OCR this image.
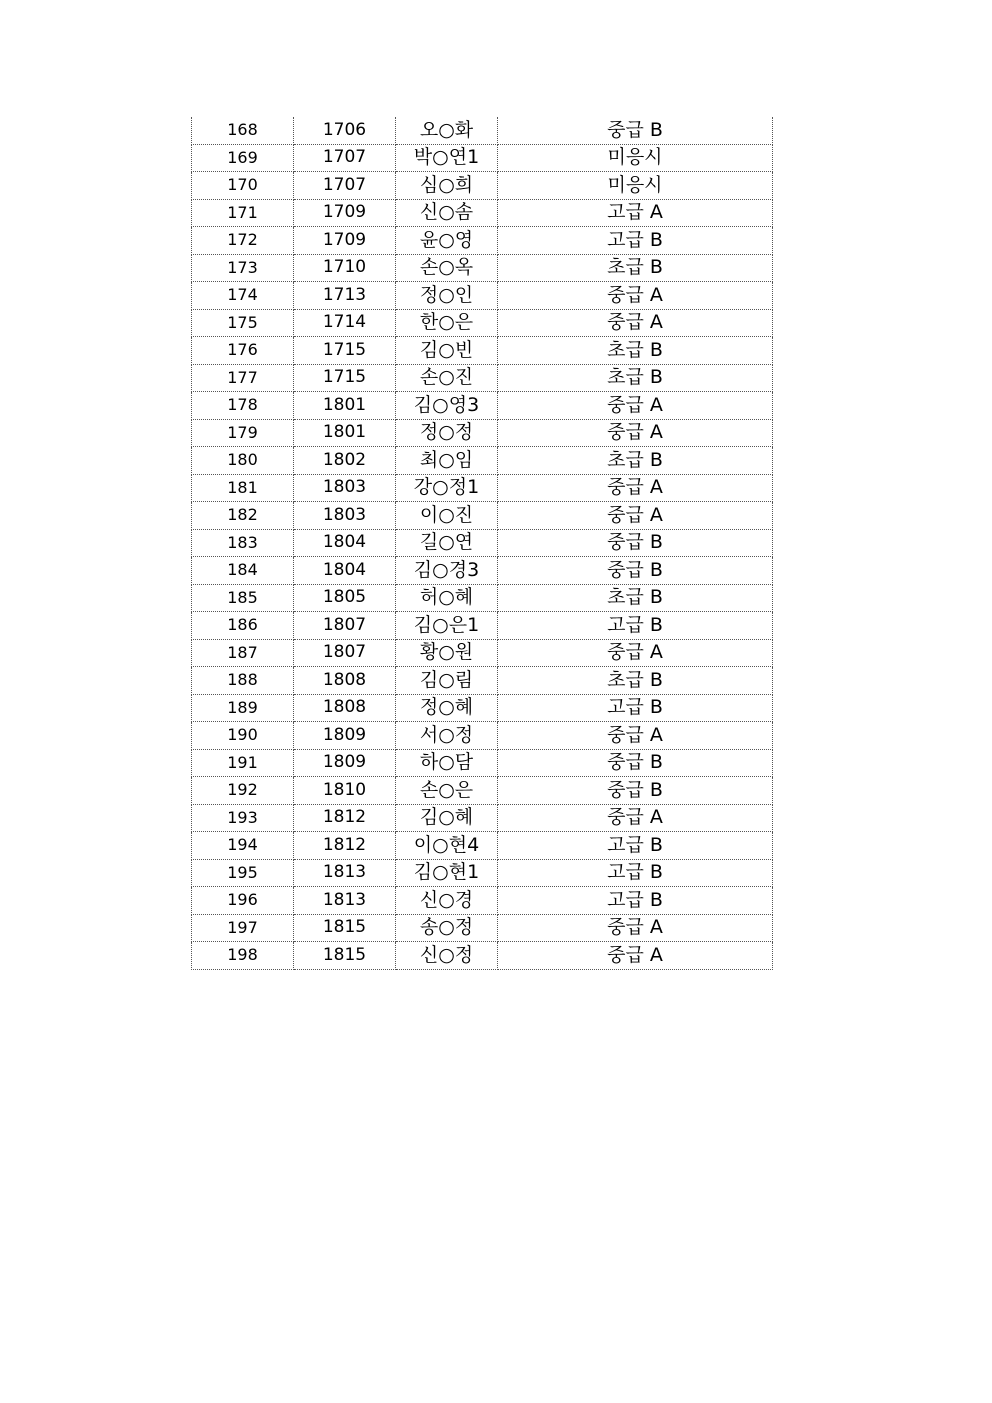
168	1706	오○화	중급 B
169	1707	박○연1	미응시
170	1707	심○희	미응시
171	1709	신○솜	고급 A
172	1709	윤○영	고급 B
173	1710	손○옥	초급 B
174	1713	정○인	중급 A
175	1714	한○은	중급 A
176	1715	김○빈	초급 B
177	1715	손○진	초급 B
178	1801	김○영3	중급 A
179	1801	정○정	중급 A
180	1802	최○임	초급 B
181	1803	강○정1	중급 A
182	1803	이○진	중급 A
183	1804	길○연	중급 B
184	1804	김○경3	중급 B
185	1805	허○혜	초급 B
186	1807	김○은1	고급 B
187	1807	황○원	중급 A
188	1808	김○림	초급 B
189	1808	정○혜	고급 B
190	1809	서○정	중급 A
191	1809	하○담	중급 B
192	1810	손○은	중급 B
193	1812	김○혜	중급 A
194	1812	이○현4	고급 B
195	1813	김○현1	고급 B
196	1813	신○경	고급 B
197	1815	송○정	중급 A
198	1815	신○정	중급 A
